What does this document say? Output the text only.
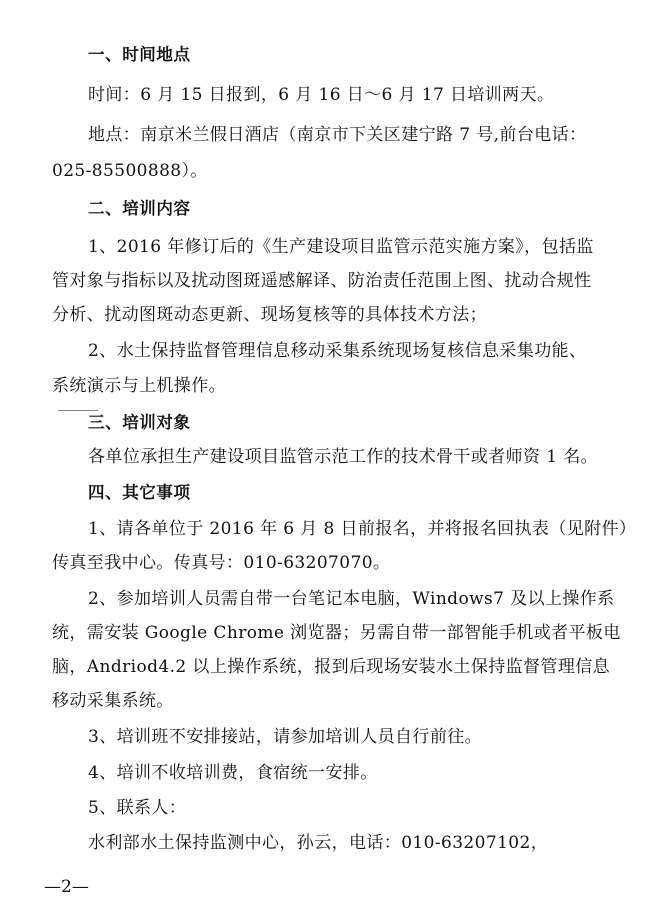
一、时间地点
时间：6 月 15 日报到，6 月 16 日～6 月 17 日培训两天。
地点：南京米兰假日酒店（南京市下关区建宁路 7 号,前台电话：
025-85500888）。
二、培训内容
1、2016 年修订后的《生产建设项目监管示范实施方案》，包括监
管对象与指标以及扰动图斑遥感解译、防治责任范围上图、扰动合规性
分析、扰动图斑动态更新、现场复核等的具体技术方法；
2、水土保持监督管理信息移动采集系统现场复核信息采集功能、
系统演示与上机操作。
三、培训对象
各单位承担生产建设项目监管示范工作的技术骨干或者师资 1 名。
四、其它事项
1、请各单位于 2016 年 6 月 8 日前报名，并将报名回执表（见附件）
传真至我中心。传真号：010-63207070。
2、参加培训人员需自带一台笔记本电脑，Windows7 及以上操作系
统，需安装 Google Chrome 浏览器；另需自带一部智能手机或者平板电
脑，Andriod4.2 以上操作系统，报到后现场安装水土保持监督管理信息
移动采集系统。
3、培训班不安排接站，请参加培训人员自行前往。
4、培训不收培训费，食宿统一安排。
5、联系人：
水利部水土保持监测中心，孙云，电话：010-63207102，
—2—
